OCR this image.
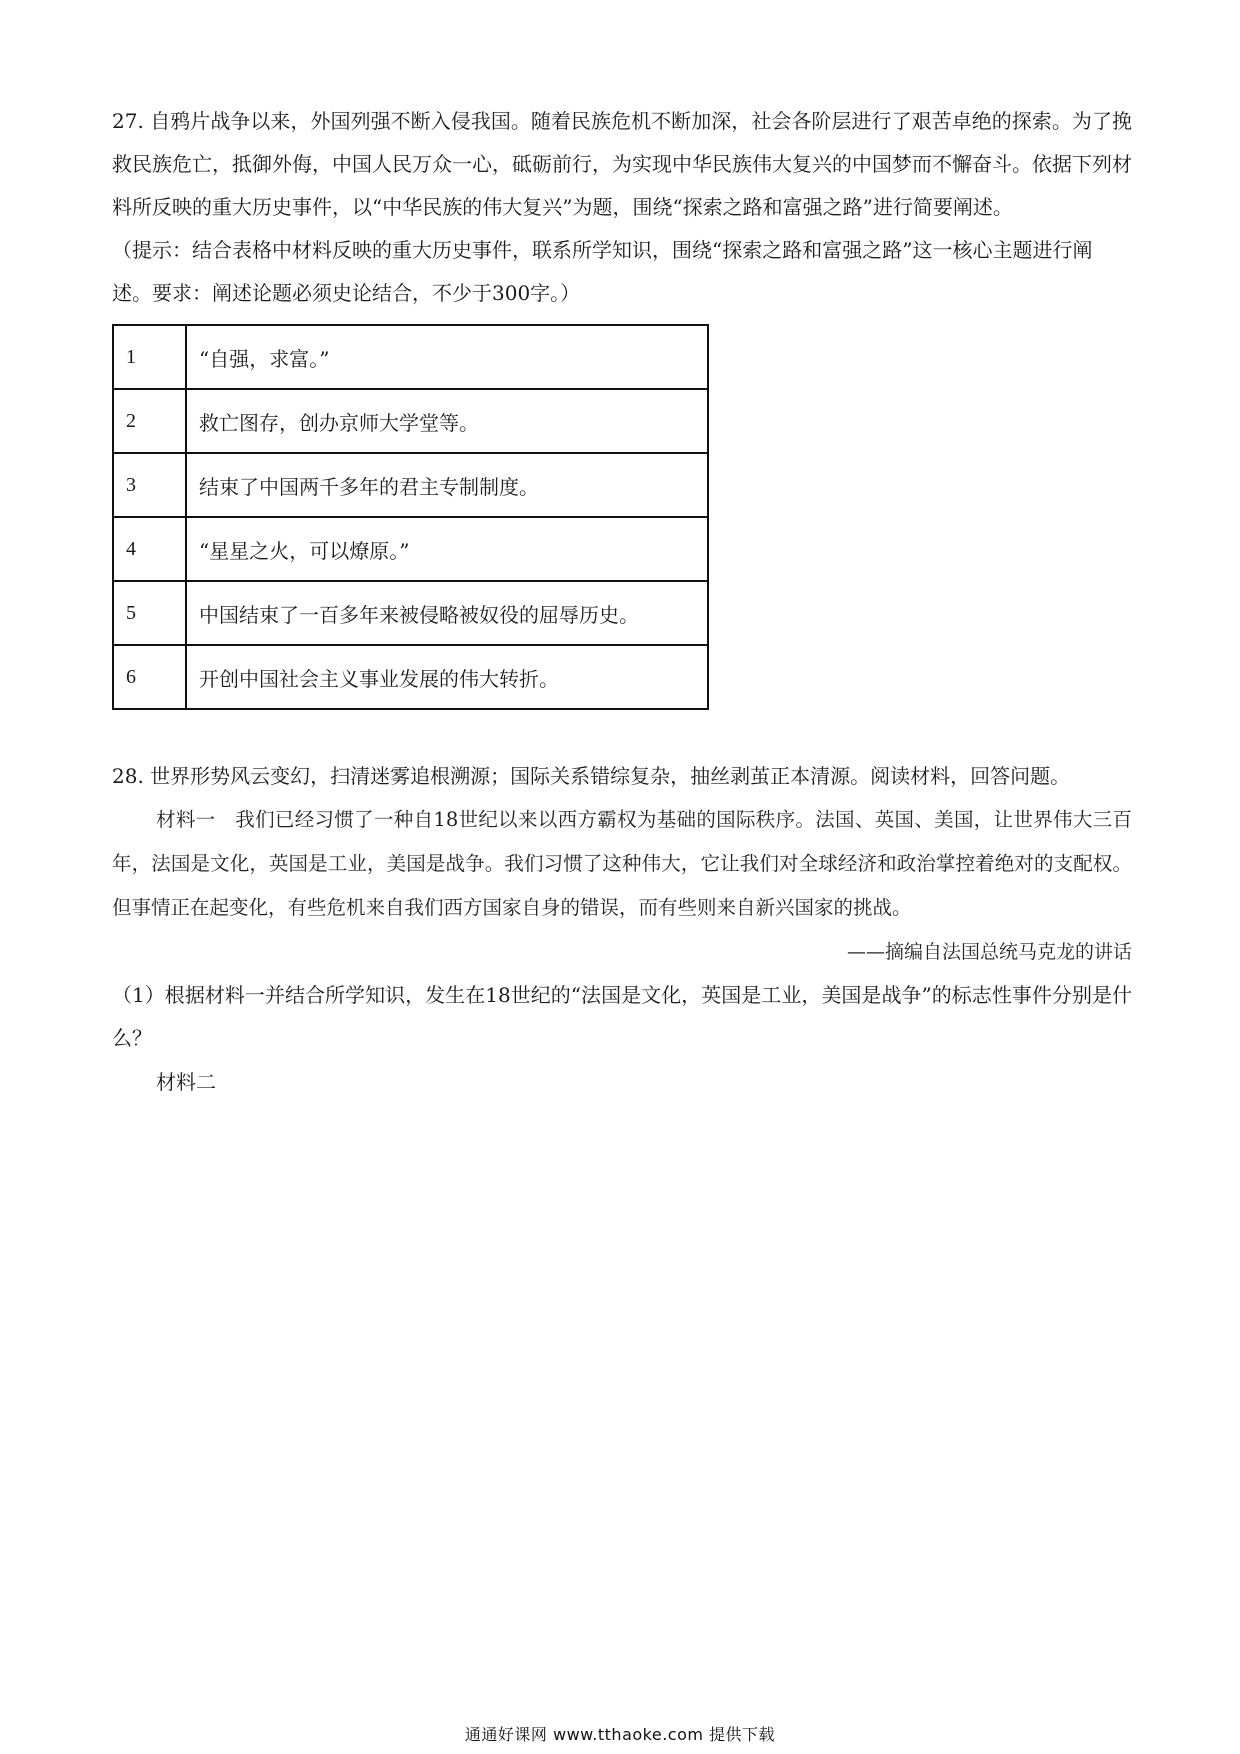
27. 自鸦片战争以来，外国列强不断入侵我国。随着民族危机不断加深，社会各阶层进行了艰苦卓绝的探索。为了挽救民族危亡，抵御外侮，中国人民万众一心，砥砺前行，为实现中华民族伟大复兴的中国梦而不懈奋斗。依据下列材料所反映的重大历史事件，以“中华民族的伟大复兴”为题，围绕“探索之路和富强之路”进行简要阐述。

（提示：结合表格中材料反映的重大历史事件，联系所学知识，围绕“探索之路和富强之路”这一核心主题进行阐述。要求：阐述论题必须史论结合，不少于300字。）

1	“自强，求富。”
2	救亡图存，创办京师大学堂等。
3	结束了中国两千多年的君主专制制度。
4	“星星之火，可以燎原。”
5	中国结束了一百多年来被侵略被奴役的屈辱历史。
6	开创中国社会主义事业发展的伟大转折。

28. 世界形势风云变幻，扫清迷雾追根溯源；国际关系错综复杂，抽丝剥茧正本清源。阅读材料，回答问题。

材料一　我们已经习惯了一种自18世纪以来以西方霸权为基础的国际秩序。法国、英国、美国，让世界伟大三百年，法国是文化，英国是工业，美国是战争。我们习惯了这种伟大，它让我们对全球经济和政治掌控着绝对的支配权。但事情正在起变化，有些危机来自我们西方国家自身的错误，而有些则来自新兴国家的挑战。

——摘编自法国总统马克龙的讲话

（1）根据材料一并结合所学知识，发生在18世纪的“法国是文化，英国是工业，美国是战争”的标志性事件分别是什么？

材料二

通通好课网 www.tthaoke.com 提供下载
